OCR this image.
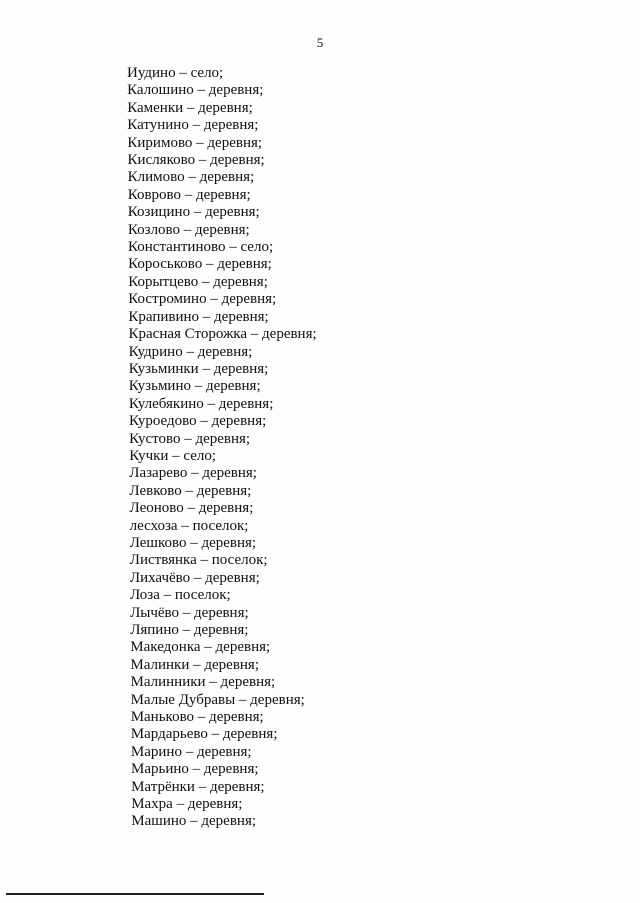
5
Иудино – село;
Калошино – деревня;
Каменки – деревня;
Катунино – деревня;
Киримово – деревня;
Кисляково – деревня;
Климово – деревня;
Коврово – деревня;
Козицино – деревня;
Козлово – деревня;
Константиново – село;
Короськово – деревня;
Корытцево – деревня;
Костромино – деревня;
Крапивино – деревня;
Красная Сторожка – деревня;
Кудрино – деревня;
Кузьминки – деревня;
Кузьмино – деревня;
Кулебякино – деревня;
Куроедово – деревня;
Кустово – деревня;
Кучки – село;
Лазарево – деревня;
Левково – деревня;
Леоново – деревня;
лесхоза – поселок;
Лешково – деревня;
Листвянка – поселок;
Лихачёво – деревня;
Лоза – поселок;
Лычёво – деревня;
Ляпино – деревня;
Македонка – деревня;
Малинки – деревня;
Малинники – деревня;
Малые Дубравы – деревня;
Маньково – деревня;
Мардарьево – деревня;
Марино – деревня;
Марьино – деревня;
Матрёнки – деревня;
Махра – деревня;
Машино – деревня;
